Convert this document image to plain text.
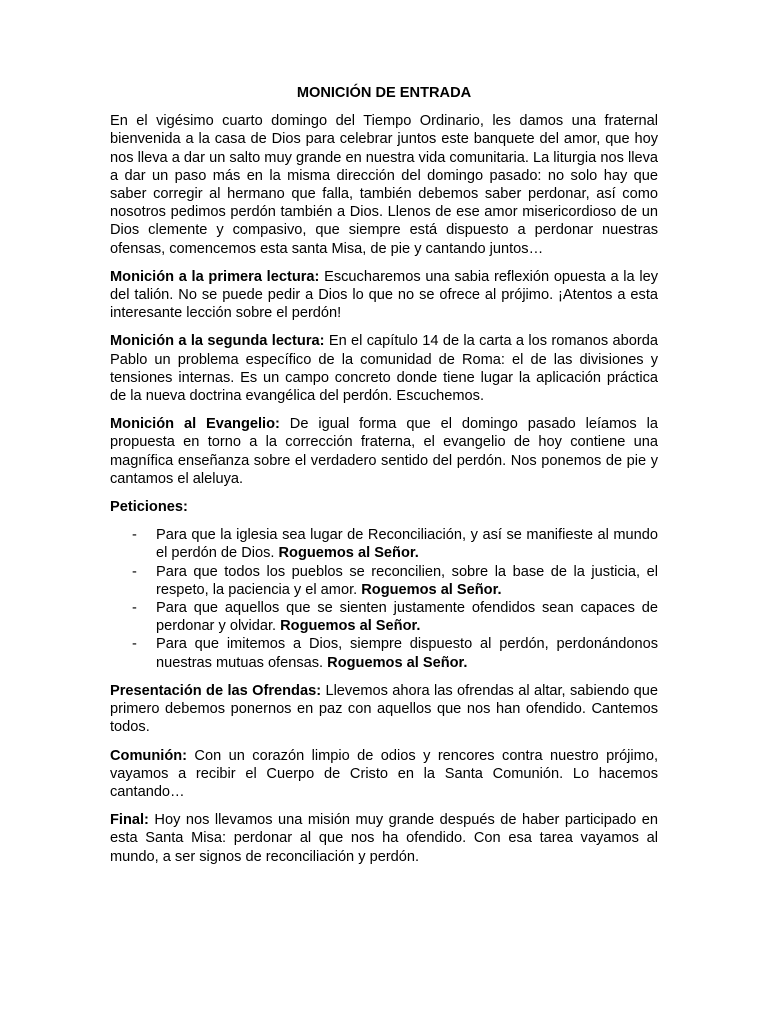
MONICIÓN DE ENTRADA

En el vigésimo cuarto domingo del Tiempo Ordinario, les damos una fraternal bienvenida a la casa de Dios para celebrar juntos este banquete del amor, que hoy nos lleva a dar un salto muy grande en nuestra vida comunitaria. La liturgia nos lleva a dar un paso más en la misma dirección del domingo pasado: no solo hay que saber corregir al hermano que falla, también debemos saber perdonar, así como nosotros pedimos perdón también a Dios. Llenos de ese amor misericordioso de un Dios clemente y compasivo, que siempre está dispuesto a perdonar nuestras ofensas, comencemos esta santa Misa, de pie y cantando juntos…

Monición a la primera lectura: Escucharemos una sabia reflexión opuesta a la ley del talión. No se puede pedir a Dios lo que no se ofrece al prójimo. ¡Atentos a esta interesante lección sobre el perdón!

Monición a la segunda lectura: En el capítulo 14 de la carta a los romanos aborda Pablo un problema específico de la comunidad de Roma: el de las divisiones y tensiones internas. Es un campo concreto donde tiene lugar la aplicación práctica de la nueva doctrina evangélica del perdón. Escuchemos.

Monición al Evangelio: De igual forma que el domingo pasado leíamos la propuesta en torno a la corrección fraterna, el evangelio de hoy contiene una magnífica enseñanza sobre el verdadero sentido del perdón. Nos ponemos de pie y cantamos el aleluya.

Peticiones:

- Para que la iglesia sea lugar de Reconciliación, y así se manifieste al mundo el perdón de Dios. Roguemos al Señor.
- Para que todos los pueblos se reconcilien, sobre la base de la justicia, el respeto, la paciencia y el amor. Roguemos al Señor.
- Para que aquellos que se sienten justamente ofendidos sean capaces de perdonar y olvidar. Roguemos al Señor.
- Para que imitemos a Dios, siempre dispuesto al perdón, perdonándonos nuestras mutuas ofensas. Roguemos al Señor.

Presentación de las Ofrendas: Llevemos ahora las ofrendas al altar, sabiendo que primero debemos ponernos en paz con aquellos que nos han ofendido. Cantemos todos.

Comunión: Con un corazón limpio de odios y rencores contra nuestro prójimo, vayamos a recibir el Cuerpo de Cristo en la Santa Comunión. Lo hacemos cantando…

Final: Hoy nos llevamos una misión muy grande después de haber participado en esta Santa Misa: perdonar al que nos ha ofendido. Con esa tarea vayamos al mundo, a ser signos de reconciliación y perdón.
